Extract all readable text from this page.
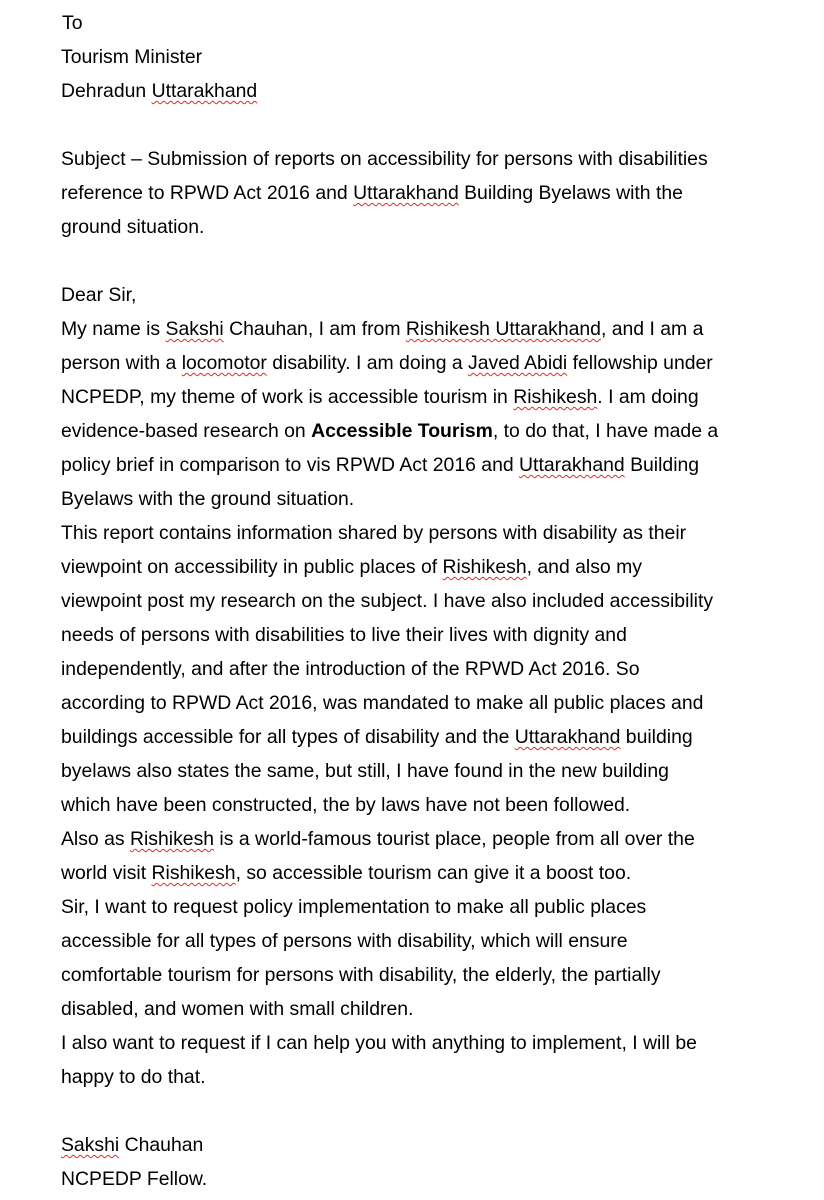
To
Tourism Minister
Dehradun Uttarakhand
Subject – Submission of reports on accessibility for persons with disabilities
reference to RPWD Act 2016 and Uttarakhand Building Byelaws with the
ground situation.
Dear Sir,
My name is Sakshi Chauhan, I am from Rishikesh Uttarakhand, and I am a
person with a locomotor disability. I am doing a Javed Abidi fellowship under
NCPEDP, my theme of work is accessible tourism in Rishikesh. I am doing
evidence-based research on Accessible Tourism, to do that, I have made a
policy brief in comparison to vis RPWD Act 2016 and Uttarakhand Building
Byelaws with the ground situation.
This report contains information shared by persons with disability as their
viewpoint on accessibility in public places of Rishikesh, and also my
viewpoint post my research on the subject. I have also included accessibility
needs of persons with disabilities to live their lives with dignity and
independently, and after the introduction of the RPWD Act 2016. So
according to RPWD Act 2016, was mandated to make all public places and
buildings accessible for all types of disability and the Uttarakhand building
byelaws also states the same, but still, I have found in the new building
which have been constructed, the by laws have not been followed.
Also as Rishikesh is a world-famous tourist place, people from all over the
world visit Rishikesh, so accessible tourism can give it a boost too.
Sir, I want to request policy implementation to make all public places
accessible for all types of persons with disability, which will ensure
comfortable tourism for persons with disability, the elderly, the partially
disabled, and women with small children.
I also want to request if I can help you with anything to implement, I will be
happy to do that.
Sakshi Chauhan
NCPEDP Fellow.
